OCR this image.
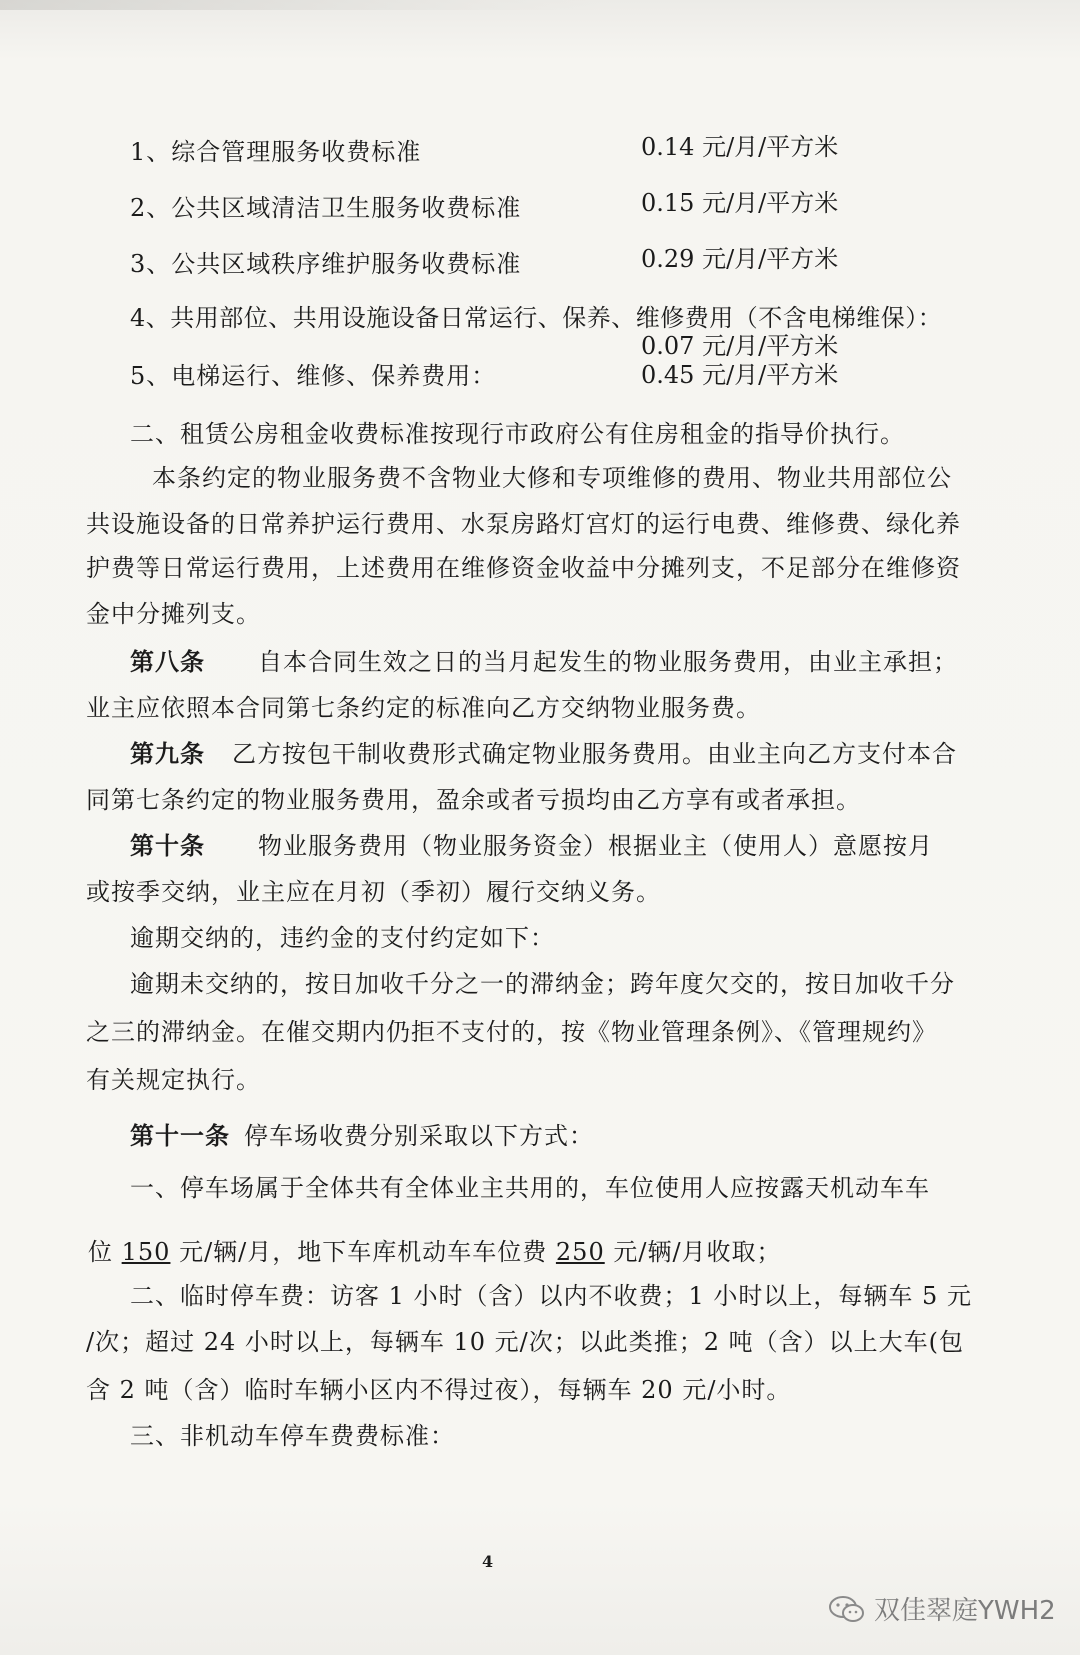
1、综合管理服务收费标准	0.14 元/月/平方米
2、公共区域清洁卫生服务收费标准	0.15 元/月/平方米
3、公共区域秩序维护服务收费标准	0.29 元/月/平方米
4、共用部位、共用设施设备日常运行、保养、维修费用（不含电梯维保）：
0.07 元/月/平方米
5、电梯运行、维修、保养费用：	0.45 元/月/平方米
二、租赁公房租金收费标准按现行市政府公有住房租金的指导价执行。
本条约定的物业服务费不含物业大修和专项维修的费用、物业共用部位公
共设施设备的日常养护运行费用、水泵房路灯宫灯的运行电费、维修费、绿化养
护费等日常运行费用，上述费用在维修资金收益中分摊列支，不足部分在维修资
金中分摊列支。
第八条 自本合同生效之日的当月起发生的物业服务费用，由业主承担；
业主应依照本合同第七条约定的标准向乙方交纳物业服务费。
第九条 乙方按包干制收费形式确定物业服务费用。由业主向乙方支付本合
同第七条约定的物业服务费用，盈余或者亏损均由乙方享有或者承担。
第十条 物业服务费用（物业服务资金）根据业主（使用人）意愿按月
或按季交纳，业主应在月初（季初）履行交纳义务。
逾期交纳的，违约金的支付约定如下：
逾期未交纳的，按日加收千分之一的滞纳金；跨年度欠交的，按日加收千分
之三的滞纳金。在催交期内仍拒不支付的，按《物业管理条例》、《管理规约》
有关规定执行。
第十一条 停车场收费分别采取以下方式：
一、停车场属于全体共有全体业主共用的，车位使用人应按露天机动车车
位 150 元/辆/月，地下车库机动车车位费 250 元/辆/月收取；
二、临时停车费：访客 1 小时（含）以内不收费；1 小时以上，每辆车 5 元
/次；超过 24 小时以上，每辆车 10 元/次；以此类推；2 吨（含）以上大车(包
含 2 吨（含）临时车辆小区内不得过夜），每辆车 20 元/小时。
三、非机动车停车费费标准：
4
双佳翠庭YWH2
